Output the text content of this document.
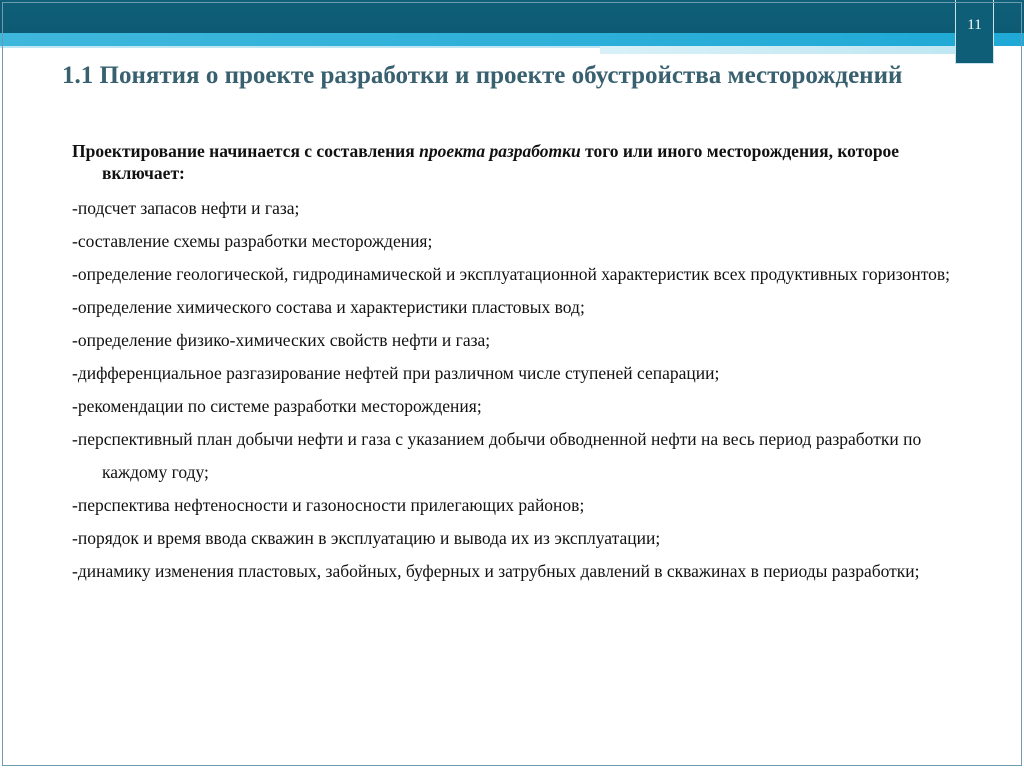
11
1.1 Понятия о проекте разработки и проекте обустройства месторождений

Проектирование начинается с составления проекта разработки того или иного месторождения, которое включает:

-подсчет запасов нефти и газа;

-составление схемы разработки месторождения;

-определение геологической, гидродинамической и эксплуатационной характеристик всех продуктивных горизонтов;

-определение химического состава и характеристики пластовых вод;

-определение физико-химических свойств нефти и газа;

-дифференциальное разгазирование нефтей при различном числе ступеней сепарации;

-рекомендации по системе разработки месторождения;

-перспективный план добычи нефти и газа с указанием добычи обводненной нефти на весь период разработки по каждому году;

-перспектива нефтеносности и газоносности прилегающих районов;

-порядок и время ввода скважин в эксплуатацию и вывода их из эксплуатации;

-динамику изменения пластовых, забойных, буферных и затрубных давлений в скважинах в периоды разработки;
